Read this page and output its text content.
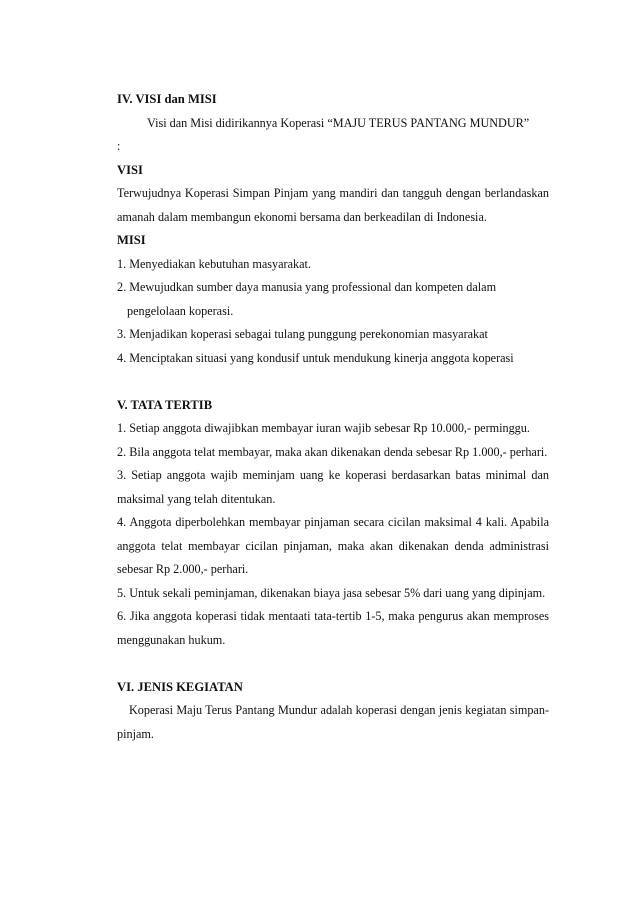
IV. VISI dan MISI

Visi dan Misi didirikannya Koperasi “MAJU TERUS PANTANG MUNDUR”

:

VISI

Terwujudnya Koperasi Simpan Pinjam yang mandiri dan tangguh dengan berlandaskan amanah dalam membangun ekonomi bersama dan berkeadilan di Indonesia.

MISI

1. Menyediakan kebutuhan masyarakat.

2. Mewujudkan sumber daya manusia yang professional dan kompeten dalam

pengelolaan koperasi.

3. Menjadikan koperasi sebagai tulang punggung perekonomian masyarakat

4. Menciptakan situasi yang kondusif untuk mendukung kinerja anggota koperasi

V. TATA TERTIB

1. Setiap anggota diwajibkan membayar iuran wajib sebesar Rp 10.000,- perminggu.

2. Bila anggota telat membayar, maka akan dikenakan denda sebesar Rp 1.000,- perhari.

3. Setiap anggota wajib meminjam uang ke koperasi berdasarkan batas minimal dan maksimal yang telah ditentukan.

4. Anggota diperbolehkan membayar pinjaman secara cicilan maksimal 4 kali. Apabila anggota telat membayar cicilan pinjaman, maka akan dikenakan denda administrasi sebesar Rp 2.000,- perhari.

5. Untuk sekali peminjaman, dikenakan biaya jasa sebesar 5% dari uang yang dipinjam.

6. Jika anggota koperasi tidak mentaati tata-tertib 1-5, maka pengurus akan memproses menggunakan hukum.

VI. JENIS KEGIATAN

Koperasi Maju Terus Pantang Mundur adalah koperasi dengan jenis kegiatan simpan-pinjam.
